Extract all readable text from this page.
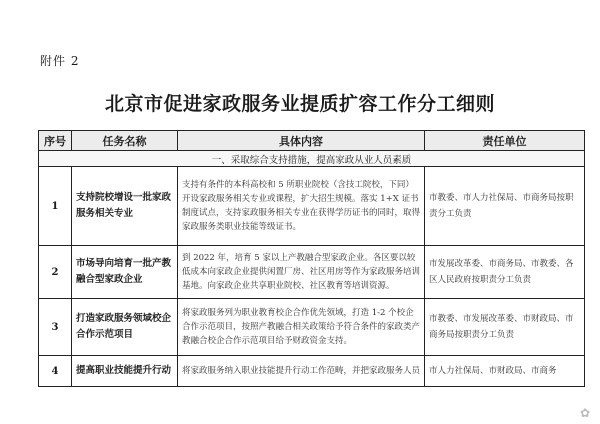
附件 2
北京市促进家政服务业提质扩容工作分工细则
序号	任务名称	具体内容	责任单位
一、采取综合支持措施，提高家政从业人员素质			
1	支持院校增设一批家政服务相关专业	支持有条件的本科高校和 5 所职业院校（含技工院校，下同）开设家政服务相关专业或课程，扩大招生规模。落实 1+X 证书制度试点，支持家政服务相关专业在获得学历证书的同时，取得家政服务类职业技能等级证书。	市教委、市人力社保局、市商务局按职责分工负责
2	市场导向培育一批产教融合型家政企业	到 2022 年，培育 5 家以上产教融合型家政企业。各区要以较低成本向家政企业提供闲置厂房、社区用房等作为家政服务培训基地。向家政企业共享职业院校、社区教育等培训资源。	市发展改革委、市商务局、市教委、各区人民政府按职责分工负责
3	打造家政服务领域校企合作示范项目	将家政服务列为职业教育校企合作优先领域，打造 1-2 个校企合作示范项目，按照产教融合相关政策给予符合条件的家政类产教融合校企合作示范项目给予财政资金支持。	市教委、市发展改革委、市财政局、市商务局按职责分工负责
4	提高职业技能提升行动	将家政服务纳入职业技能提升行动工作范畴，并把家政服务人员	市人力社保局、市财政局、市商务
✿
